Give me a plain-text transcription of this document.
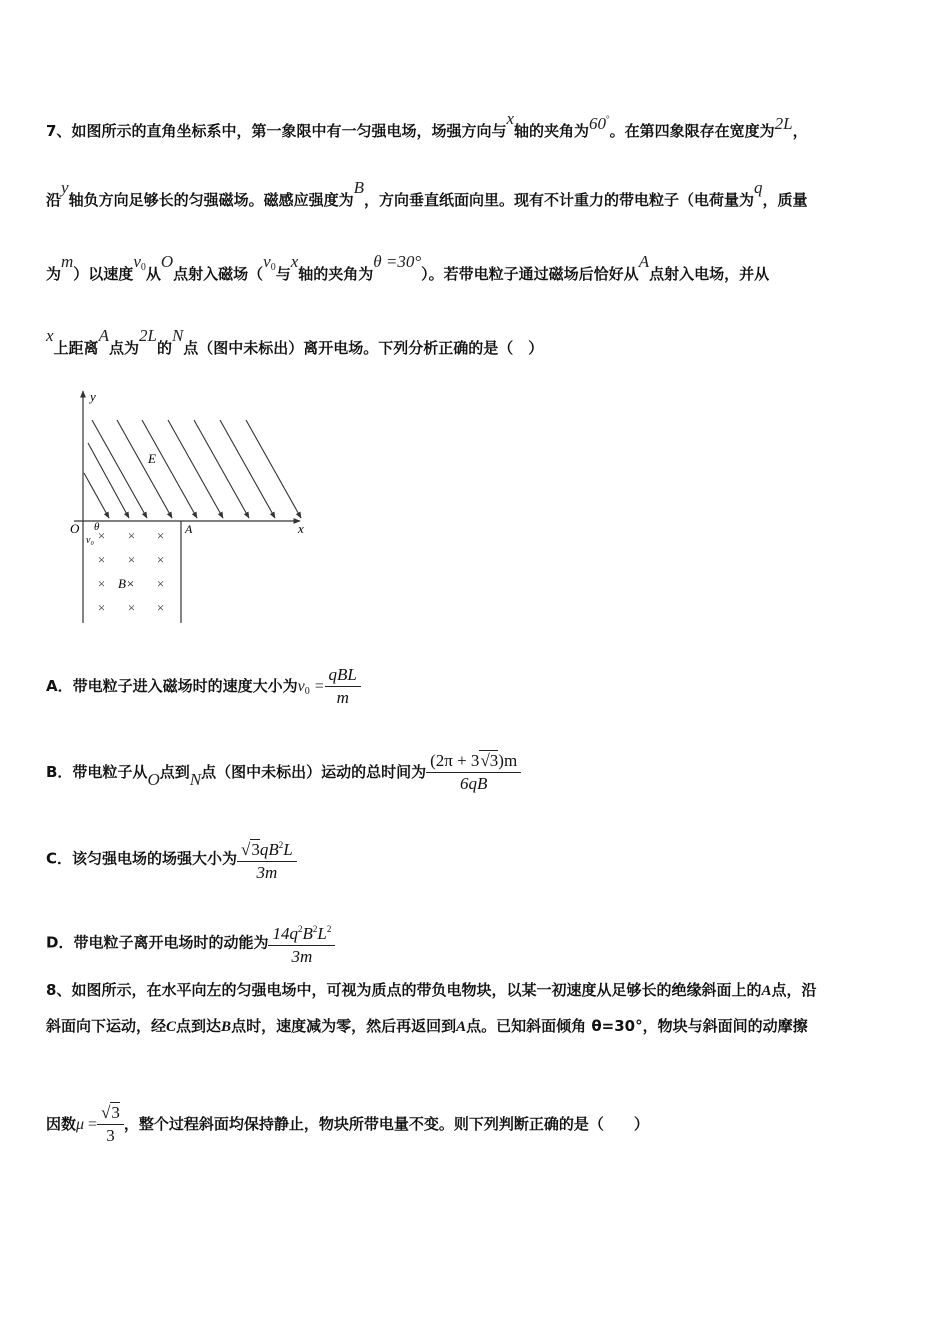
7、如图所示的直角坐标系中，第一象限中有一匀强电场，场强方向与x轴的夹角为60°。在第四象限存在宽度为2L，
沿y轴负方向足够长的匀强磁场。磁感应强度为B，方向垂直纸面向里。现有不计重力的带电粒子（电荷量为q，质量
为m）以速度$v_0$从O点射入磁场（$v_0$与x轴的夹角为θ =30°）。若带电粒子通过磁场后恰好从A点射入电场，并从
x上距离A点为2L的N点（图中未标出）离开电场。下列分析正确的是（　）
y
x
E
O	A
θ
v₀ × × ×
× × ×
×	×
× × ×
B×
A．带电粒子进入磁场时的速度大小为$v_0 = \frac{\text{qBL}}{m}$
B．带电粒子从O点到N点（图中未标出）运动的总时间为 $\frac{(2\pi + 3√3)m}{6qB}$
C．该匀强电场的场强大小为 $\frac{√3qB^2L}{3m}$
D．带电粒子离开电场时的动能为 $\frac{14q^2B^2L^2}{3m}$
8、如图所示，在水平向左的匀强电场中，可视为质点的带负电物块，以某一初速度从足够长的绝缘斜面上的A点，沿
斜面向下运动，经C点到达B点时，速度减为零，然后再返回到A点。已知斜面倾角 θ=30°，物块与斜面间的动摩擦
因数$\mu = \frac{√3}{3}$ ，整个过程斜面均保持静止，物块所带电量不变。则下列判断正确的是（　　）
